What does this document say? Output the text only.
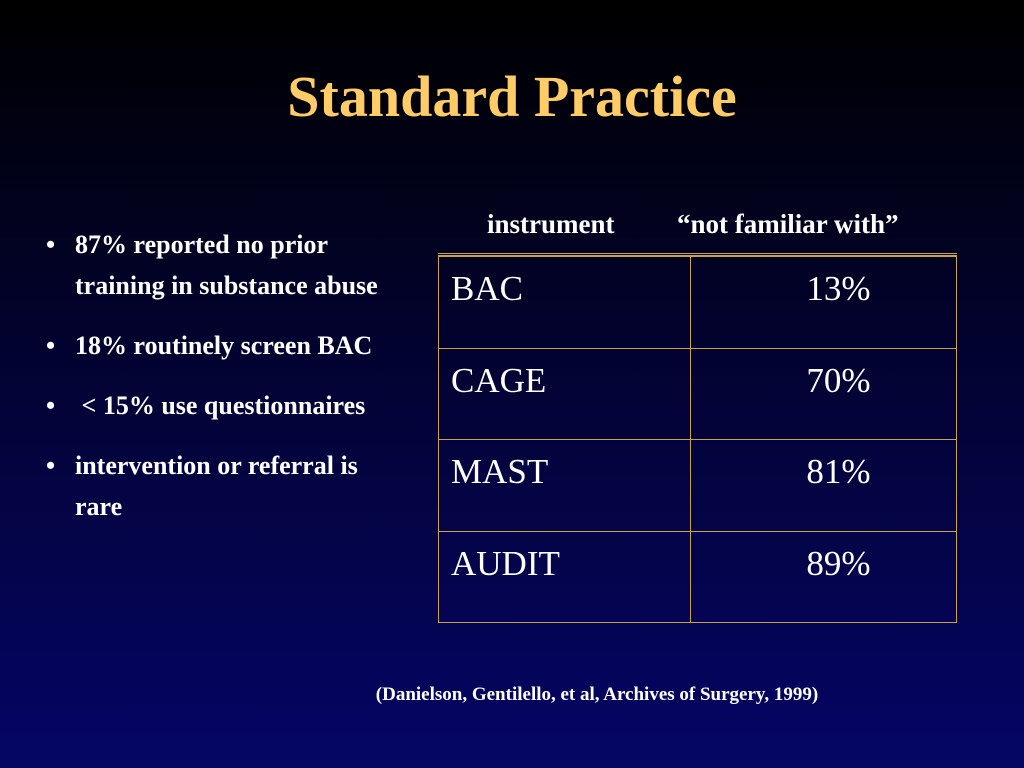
Standard Practice
• 87% reported no prior training in substance abuse
• 18% routinely screen BAC
• < 15% use questionnaires
• intervention or referral is rare
instrument “not familiar with”
BAC	13%
CAGE	70%
MAST	81%
AUDIT	89%
(Danielson, Gentilello, et al, Archives of Surgery, 1999)
